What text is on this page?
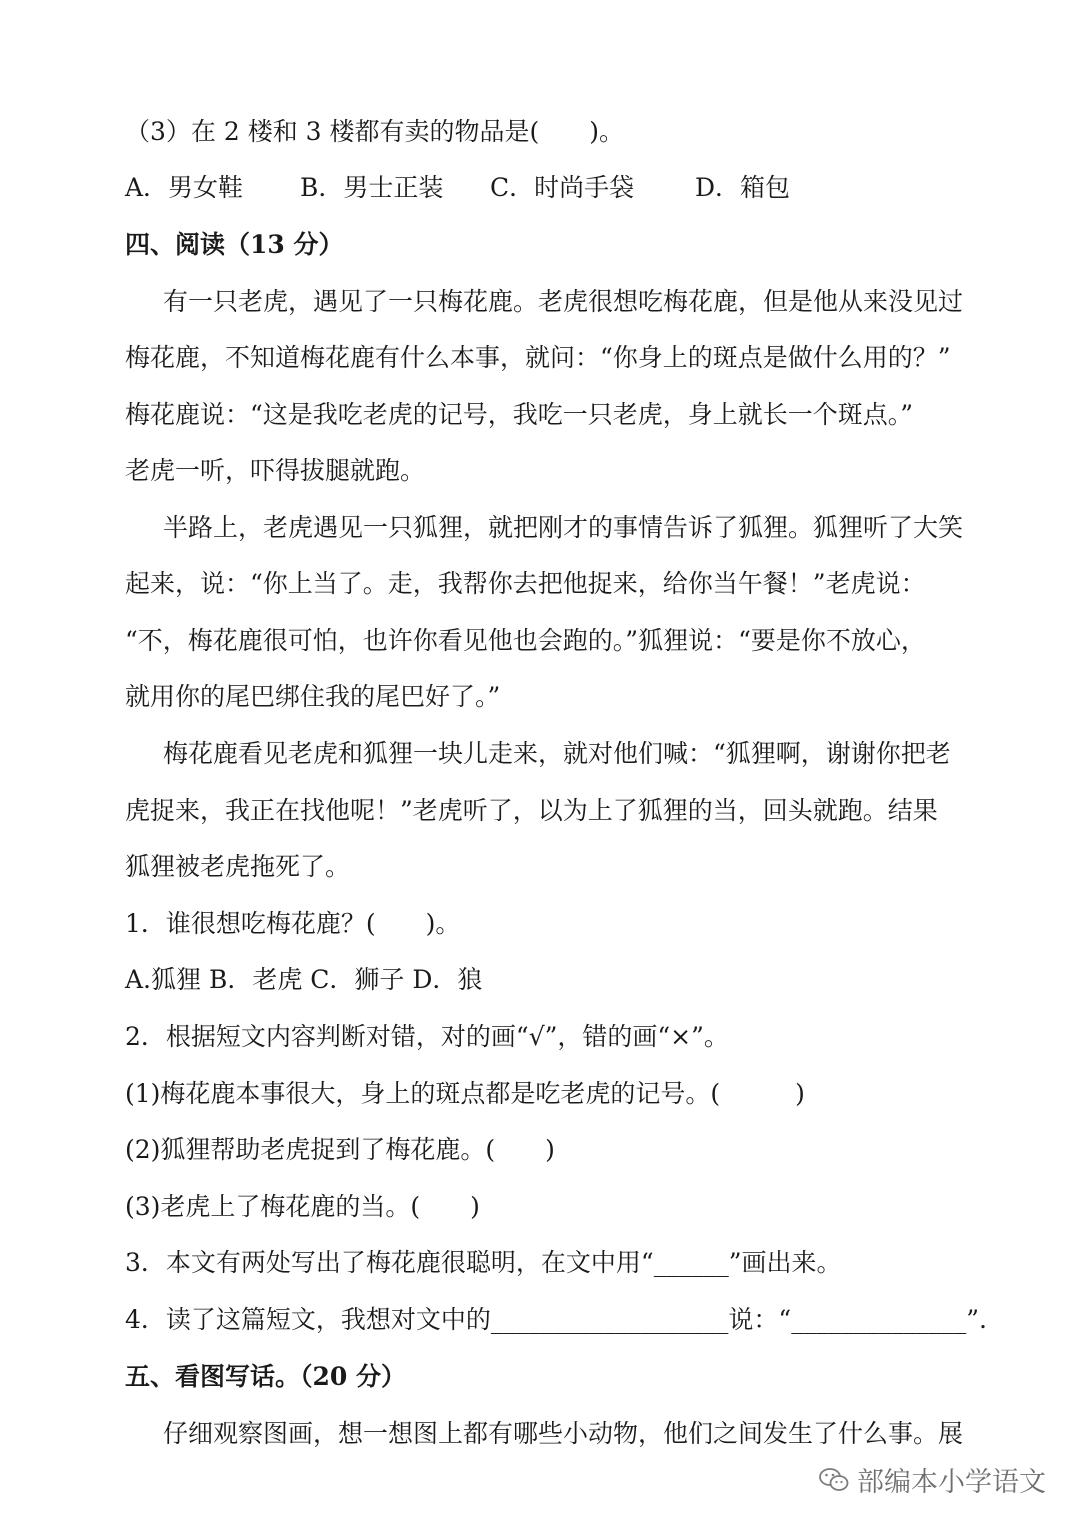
（3）在 2 楼和 3 楼都有卖的物品是(　　)。
A．男女鞋 B．男士正装 C．时尚手袋 D．箱包
四、阅读（13 分）
有一只老虎，遇见了一只梅花鹿。老虎很想吃梅花鹿，但是他从来没见过
梅花鹿，不知道梅花鹿有什么本事，就问：“你身上的斑点是做什么用的？”
梅花鹿说：“这是我吃老虎的记号，我吃一只老虎，身上就长一个斑点。”
老虎一听，吓得拔腿就跑。
半路上，老虎遇见一只狐狸，就把刚才的事情告诉了狐狸。狐狸听了大笑
起来，说：“你上当了。走，我帮你去把他捉来，给你当午餐！”老虎说：
“不，梅花鹿很可怕，也许你看见他也会跑的。”狐狸说：“要是你不放心，
就用你的尾巴绑住我的尾巴好了。”
梅花鹿看见老虎和狐狸一块儿走来，就对他们喊：“狐狸啊，谢谢你把老
虎捉来，我正在找他呢！”老虎听了，以为上了狐狸的当，回头就跑。结果
狐狸被老虎拖死了。
1．谁很想吃梅花鹿？(　　)。
A.狐狸 B．老虎 C．狮子 D．狼
2．根据短文内容判断对错，对的画“√”，错的画“×”。
(1)梅花鹿本事很大，身上的斑点都是吃老虎的记号。(　　　)
(2)狐狸帮助老虎捉到了梅花鹿。(　　)
(3)老虎上了梅花鹿的当。(　　)
3．本文有两处写出了梅花鹿很聪明，在文中用“______”画出来。
4．读了这篇短文，我想对文中的___________________说：“______________”.
五、看图写话。（20 分）
仔细观察图画，想一想图上都有哪些小动物，他们之间发生了什么事。展
部编本小学语文
